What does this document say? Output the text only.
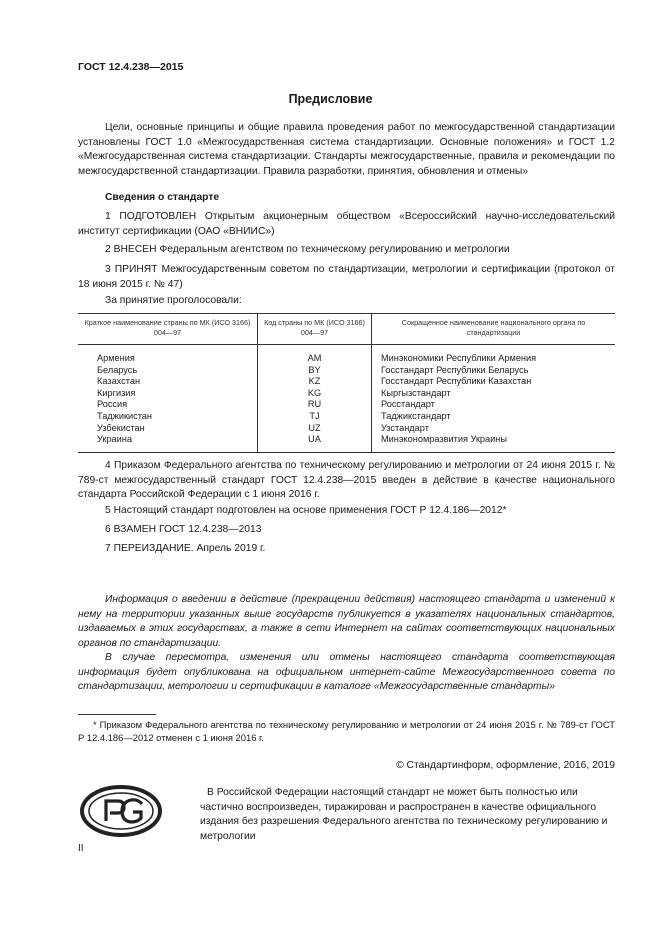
ГОСТ 12.4.238—2015
Предисловие

Цели, основные принципы и общие правила проведения работ по межгосударственной стандартизации установлены ГОСТ 1.0 «Межгосударственная система стандартизации. Основные положения» и ГОСТ 1.2 «Межгосударственная система стандартизации. Стандарты межгосударственные, правила и рекомендации по межгосударственной стандартизации. Правила разработки, принятия, обновления и отмены»

Сведения о стандарте

1 ПОДГОТОВЛЕН Открытым акционерным обществом «Всероссийский научно-исследовательский институт сертификации (ОАО «ВНИИС»)

2 ВНЕСЕН Федеральным агентством по техническому регулированию и метрологии

3 ПРИНЯТ Межгосударственным советом по стандартизации, метрологии и сертификации (протокол от 18 июня 2015 г. № 47)

За принятие проголосовали:
Краткое наименование страны по МК (ИСО 3166) 004—97	Код страны по МК (ИСО 3166) 004—97	Сокращенное наименование национального органа по стандартизации
Армения	AM	Минэкономики Республики Армения
Беларусь	BY	Госстандарт Республики Беларусь
Казахстан	KZ	Госстандарт Республики Казахстан
Киргизия	KG	Кыргызстандарт
Россия	RU	Росстандарт
Таджикистан	TJ	Таджикстандарт
Узбекистан	UZ	Узстандарт
Украина	UA	Минэкономразвития Украины

4 Приказом Федерального агентства по техническому регулированию и метрологии от 24 июня 2015 г. № 789-ст межгосударственный стандарт ГОСТ 12.4.238—2015 введен в действие в качестве национального стандарта Российской Федерации с 1 июня 2016 г.

5 Настоящий стандарт подготовлен на основе применения ГОСТ Р 12.4.186—2012*
6 ВЗАМЕН ГОСТ 12.4.238—2013
7 ПЕРЕИЗДАНИЕ. Апрель 2019 г.

Информация о введении в действие (прекращении действия) настоящего стандарта и изменений к нему на территории указанных выше государств публикуется в указателях национальных стандартов, издаваемых в этих государствах, а также в сети Интернет на сайтах соответствующих национальных органов по стандартизации.

В случае пересмотра, изменения или отмены настоящего стандарта соответствующая информация будет опубликована на официальном интернет-сайте Межгосударственного совета по стандартизации, метрологии и сертификации в каталоге «Межгосударственные стандарты»

* Приказом Федерального агентства по техническому регулированию и метрологии от 24 июня 2015 г. № 789-ст ГОСТ Р 12.4.186—2012 отменен с 1 июня 2016 г.

© Стандартинформ, оформление, 2016, 2019

В Российской Федерации настоящий стандарт не может быть полностью или частично воспроизведен, тиражирован и распространен в качестве официального издания без разрешения Федерального агентства по техническому регулированию и метрологии

II
